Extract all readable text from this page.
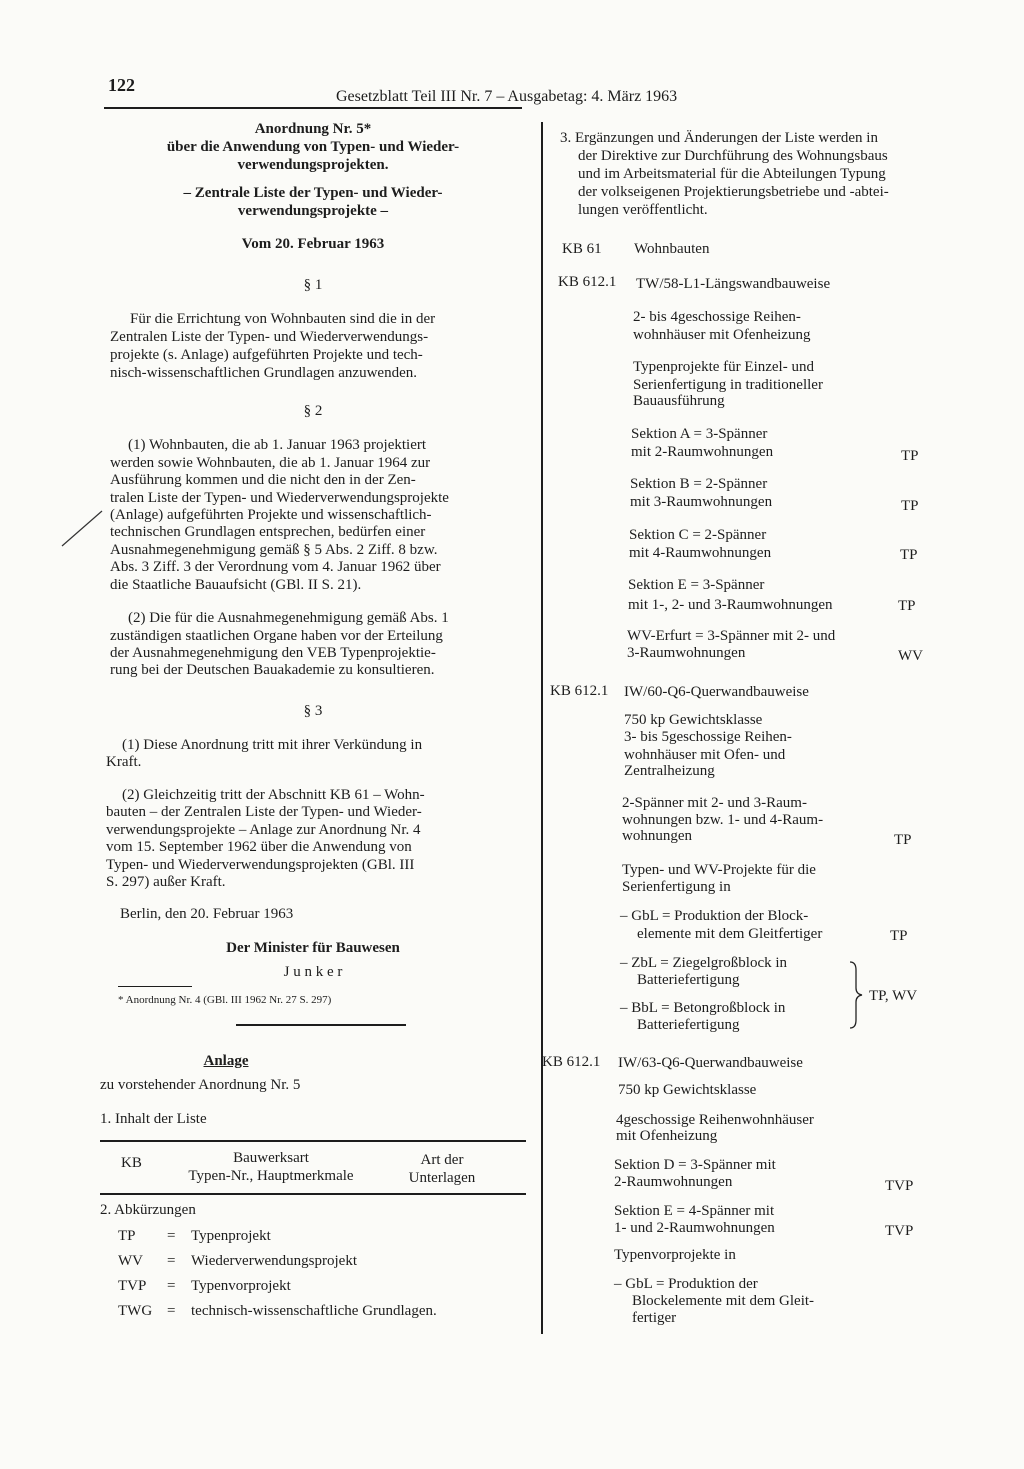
122
Gesetzblatt Teil III Nr. 7 – Ausgabetag: 4. März 1963
Anordnung Nr. 5*
über die Anwendung von Typen- und Wieder-
verwendungsprojekten.
– Zentrale Liste der Typen- und Wieder-
verwendungsprojekte –
Vom 20. Februar 1963
§ 1
Für die Errichtung von Wohnbauten sind die in der
Zentralen Liste der Typen- und Wiederverwendungs-
projekte (s. Anlage) aufgeführten Projekte und tech-
nisch-wissenschaftlichen Grundlagen anzuwenden.
§ 2
(1) Wohnbauten, die ab 1. Januar 1963 projektiert
werden sowie Wohnbauten, die ab 1. Januar 1964 zur
Ausführung kommen und die nicht den in der Zen-
tralen Liste der Typen- und Wiederverwendungsprojekte
(Anlage) aufgeführten Projekte und wissenschaftlich-
technischen Grundlagen entsprechen, bedürfen einer
Ausnahmegenehmigung gemäß § 5 Abs. 2 Ziff. 8 bzw.
Abs. 3 Ziff. 3 der Verordnung vom 4. Januar 1962 über
die Staatliche Bauaufsicht (GBl. II S. 21).
(2) Die für die Ausnahmegenehmigung gemäß Abs. 1
zuständigen staatlichen Organe haben vor der Erteilung
der Ausnahmegenehmigung den VEB Typenprojektie-
rung bei der Deutschen Bauakademie zu konsultieren.
§ 3
(1) Diese Anordnung tritt mit ihrer Verkündung in
Kraft.
(2) Gleichzeitig tritt der Abschnitt KB 61 – Wohn-
bauten – der Zentralen Liste der Typen- und Wieder-
verwendungsprojekte – Anlage zur Anordnung Nr. 4
vom 15. September 1962 über die Anwendung von
Typen- und Wiederverwendungsprojekten (GBl. III
S. 297) außer Kraft.
Berlin, den 20. Februar 1963
Der Minister für Bauwesen
J u n k e r
* Anordnung Nr. 4 (GBl. III 1962 Nr. 27 S. 297)
Anlage
zu vorstehender Anordnung Nr. 5
1. Inhalt der Liste
KB	Bauwerksart
Typen-Nr., Hauptmerkmale
Art der
Unterlagen
2. Abkürzungen
TP = Typenprojekt
WV = Wiederverwendungsprojekt
TVP = Typenvorprojekt
TWG = technisch-wissenschaftliche Grundlagen.
3. Ergänzungen und Änderungen der Liste werden in
der Direktive zur Durchführung des Wohnungsbaus
und im Arbeitsmaterial für die Abteilungen Typung
der volkseigenen Projektierungsbetriebe und -abtei-
lungen veröffentlicht.
KB 61 Wohnbauten
KB 612.1 TW/58-L1-Längswandbauweise
2- bis 4geschossige Reihen-
wohnhäuser mit Ofenheizung
Typenprojekte für Einzel- und
Serienfertigung in traditioneller
Bauausführung
Sektion A = 3-Spänner
mit 2-Raumwohnungen	TP
Sektion B = 2-Spänner
mit 3-Raumwohnungen	TP
Sektion C = 2-Spänner
mit 4-Raumwohnungen	TP
Sektion E = 3-Spänner
mit 1-, 2- und 3-Raumwohnungen	TP
WV-Erfurt = 3-Spänner mit 2- und
3-Raumwohnungen	WV
KB 612.1 IW/60-Q6-Querwandbauweise
750 kp Gewichtsklasse
3- bis 5geschossige Reihen-
wohnhäuser mit Ofen- und
Zentralheizung
2-Spänner mit 2- und 3-Raum-
wohnungen bzw. 1- und 4-Raum-
wohnungen	TP
Typen- und WV-Projekte für die
Serienfertigung in
– GbL = Produktion der Block-
elemente mit dem Gleitfertiger	TP
– ZbL = Ziegelgroßblock in
Batteriefertigung
– BbL = Betongroßblock in
Batteriefertigung
TP, WV
KB 612.1 IW/63-Q6-Querwandbauweise
750 kp Gewichtsklasse
4geschossige Reihenwohnhäuser
mit Ofenheizung
Sektion D = 3-Spänner mit
2-Raumwohnungen	TVP
Sektion E = 4-Spänner mit
1- und 2-Raumwohnungen	TVP
Typenvorprojekte in
– GbL = Produktion der
Blockelemente mit dem Gleit-
fertiger
